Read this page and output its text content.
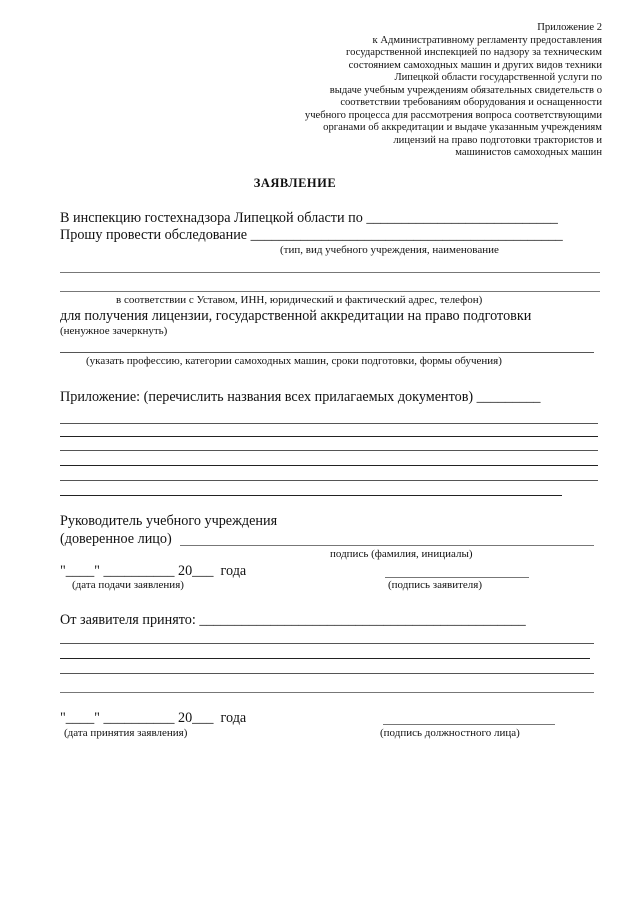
Приложение 2
к Административному регламенту предоставления
государственной инспекцией по надзору за техническим
состоянием самоходных машин и других видов техники
Липецкой области государственной услуги по
выдаче учебным учреждениям обязательных свидетельств о
соответствии требованиям оборудования и оснащенности
учебного процесса для рассмотрения вопроса соответствующими
органами об аккредитации и выдаче указанным учреждениям
лицензий на право подготовки трактористов и
машинистов самоходных машин
ЗАЯВЛЕНИЕ
В инспекцию гостехнадзора Липецкой области по ___________________________
Прошу провести обследование ____________________________________________
(тип, вид учебного учреждения, наименование
в соответствии с Уставом, ИНН, юридический и фактический адрес, телефон)
для получения лицензии, государственной аккредитации на право подготовки
(ненужное зачеркнуть)
(указать профессию, категории самоходных машин, сроки подготовки, формы обучения)
Приложение: (перечислить названия всех прилагаемых документов) _________
Руководитель учебного учреждения
(доверенное лицо)
подпись (фамилия, инициалы)
"____" __________ 20___  года
(дата подачи заявления)	(подпись заявителя)
От заявителя принято: ______________________________________________
"____" __________ 20___  года
(дата принятия заявления)	(подпись должностного лица)
